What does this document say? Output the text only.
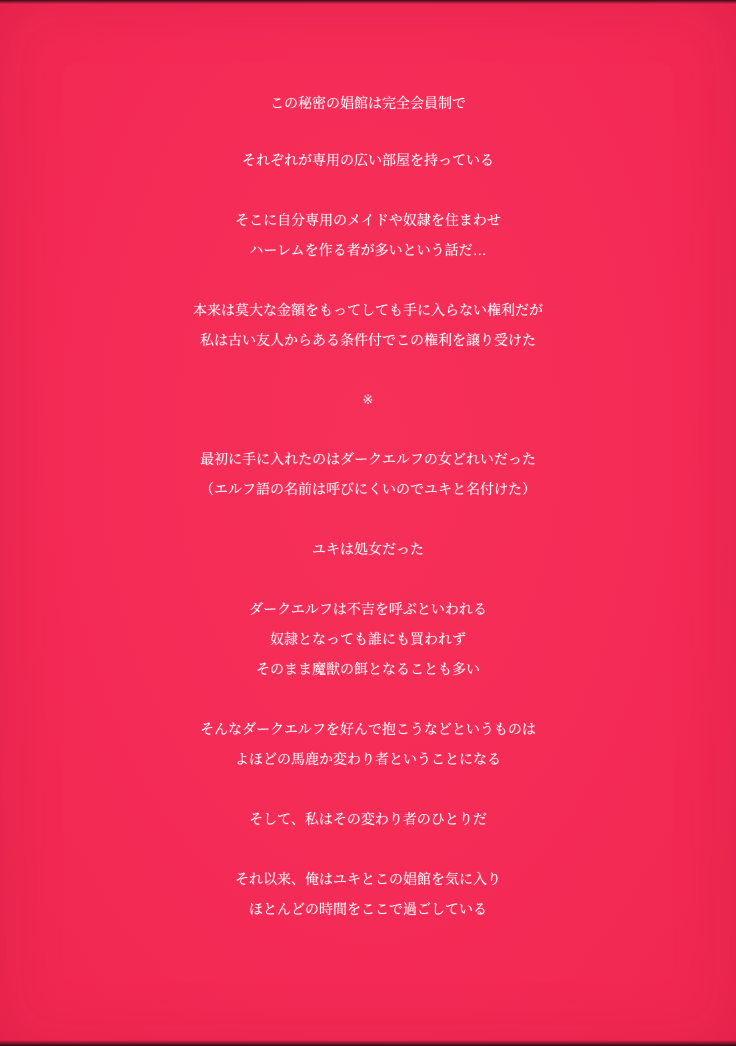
この秘密の娼館は完全会員制で
それぞれが専用の広い部屋を持っている
そこに自分専用のメイドや奴隷を住まわせ
ハーレムを作る者が多いという話だ…
本来は莫大な金額をもってしても手に入らない権利だが
私は古い友人からある条件付でこの権利を譲り受けた
※
最初に手に入れたのはダークエルフの女どれいだった
（エルフ語の名前は呼びにくいのでユキと名付けた）
ユキは処女だった
ダークエルフは不吉を呼ぶといわれる
奴隷となっても誰にも買われず
そのまま魔獣の餌となることも多い
そんなダークエルフを好んで抱こうなどというものは
よほどの馬鹿か変わり者ということになる
そして、私はその変わり者のひとりだ
それ以来、俺はユキとこの娼館を気に入り
ほとんどの時間をここで過ごしている
